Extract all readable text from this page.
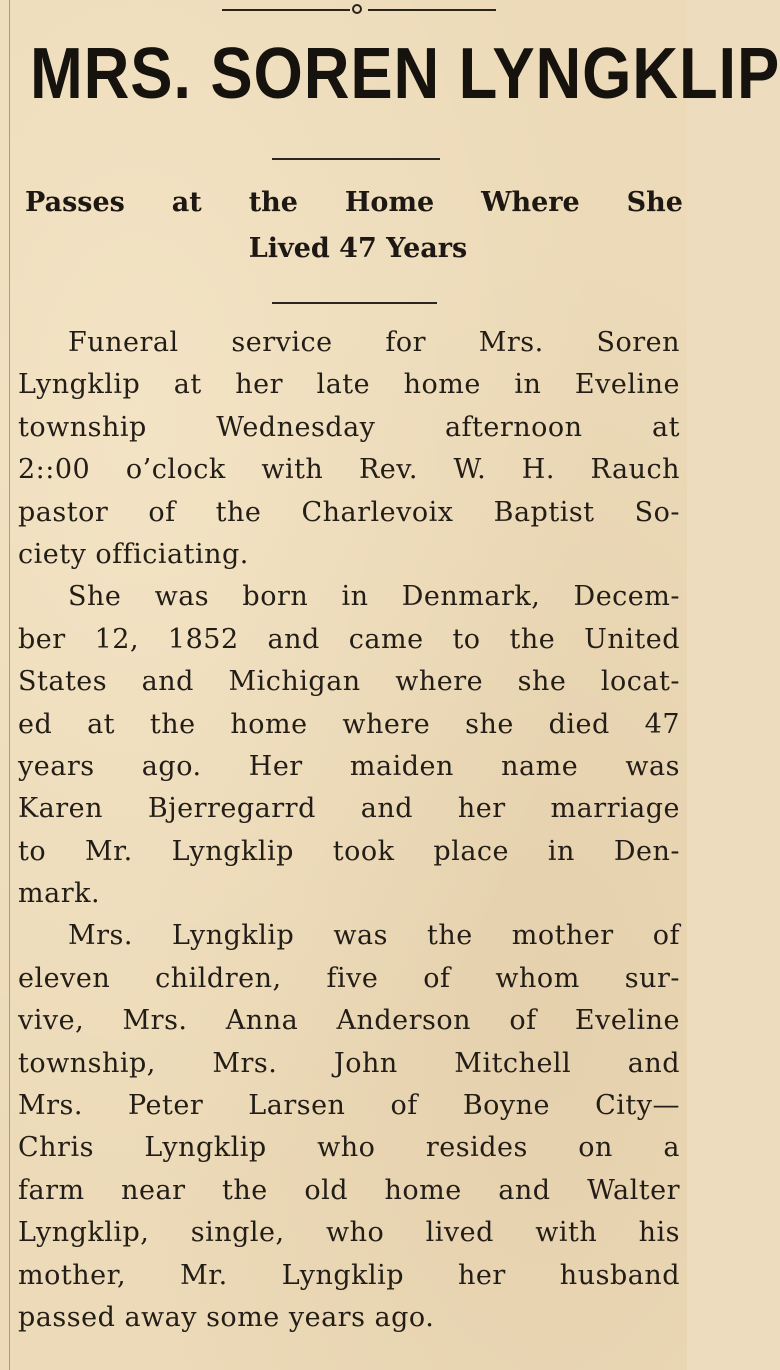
MRS. SOREN LYNGKLIP
Passes at the Home Where She
Lived 47 Years
Funeral service for Mrs. Soren
Lyngklip at her late home in Eveline
township Wednesday afternoon at
2::00 o’clock with Rev. W. H. Rauch
pastor of the Charlevoix Baptist So-
ciety officiating.
She was born in Denmark, Decem-
ber 12, 1852 and came to the United
States and Michigan where she locat-
ed at the home where she died 47
years ago. Her maiden name was
Karen Bjerregarrd and her marriage
to Mr. Lyngklip took place in Den-
mark.
Mrs. Lyngklip was the mother of
eleven children, five of whom sur-
vive, Mrs. Anna Anderson of Eveline
township, Mrs. John Mitchell and
Mrs. Peter Larsen of Boyne City—
Chris Lyngklip who resides on a
farm near the old home and Walter
Lyngklip, single, who lived with his
mother, Mr. Lyngklip her husband
passed away some years ago.
